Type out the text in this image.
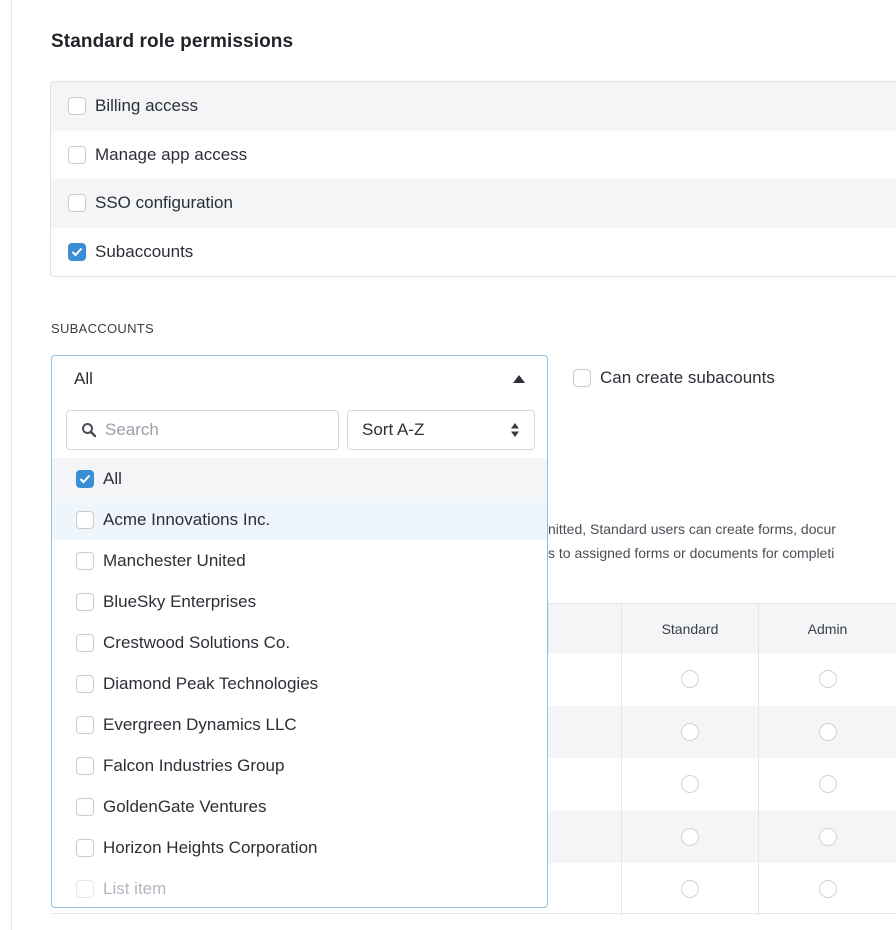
Standard role permissions
Billing access
Manage app access
SSO configuration
Subaccounts
SUBACCOUNTS
nitted, Standard users can create forms, docur
s to assigned forms or documents for completi
Standard	Admin
Can create subacounts
All
Search
Sort A-Z
All
Acme Innovations Inc.
Manchester United
BlueSky Enterprises
Crestwood Solutions Co.
Diamond Peak Technologies
Evergreen Dynamics LLC
Falcon Industries Group
GoldenGate Ventures
Horizon Heights Corporation
List item
